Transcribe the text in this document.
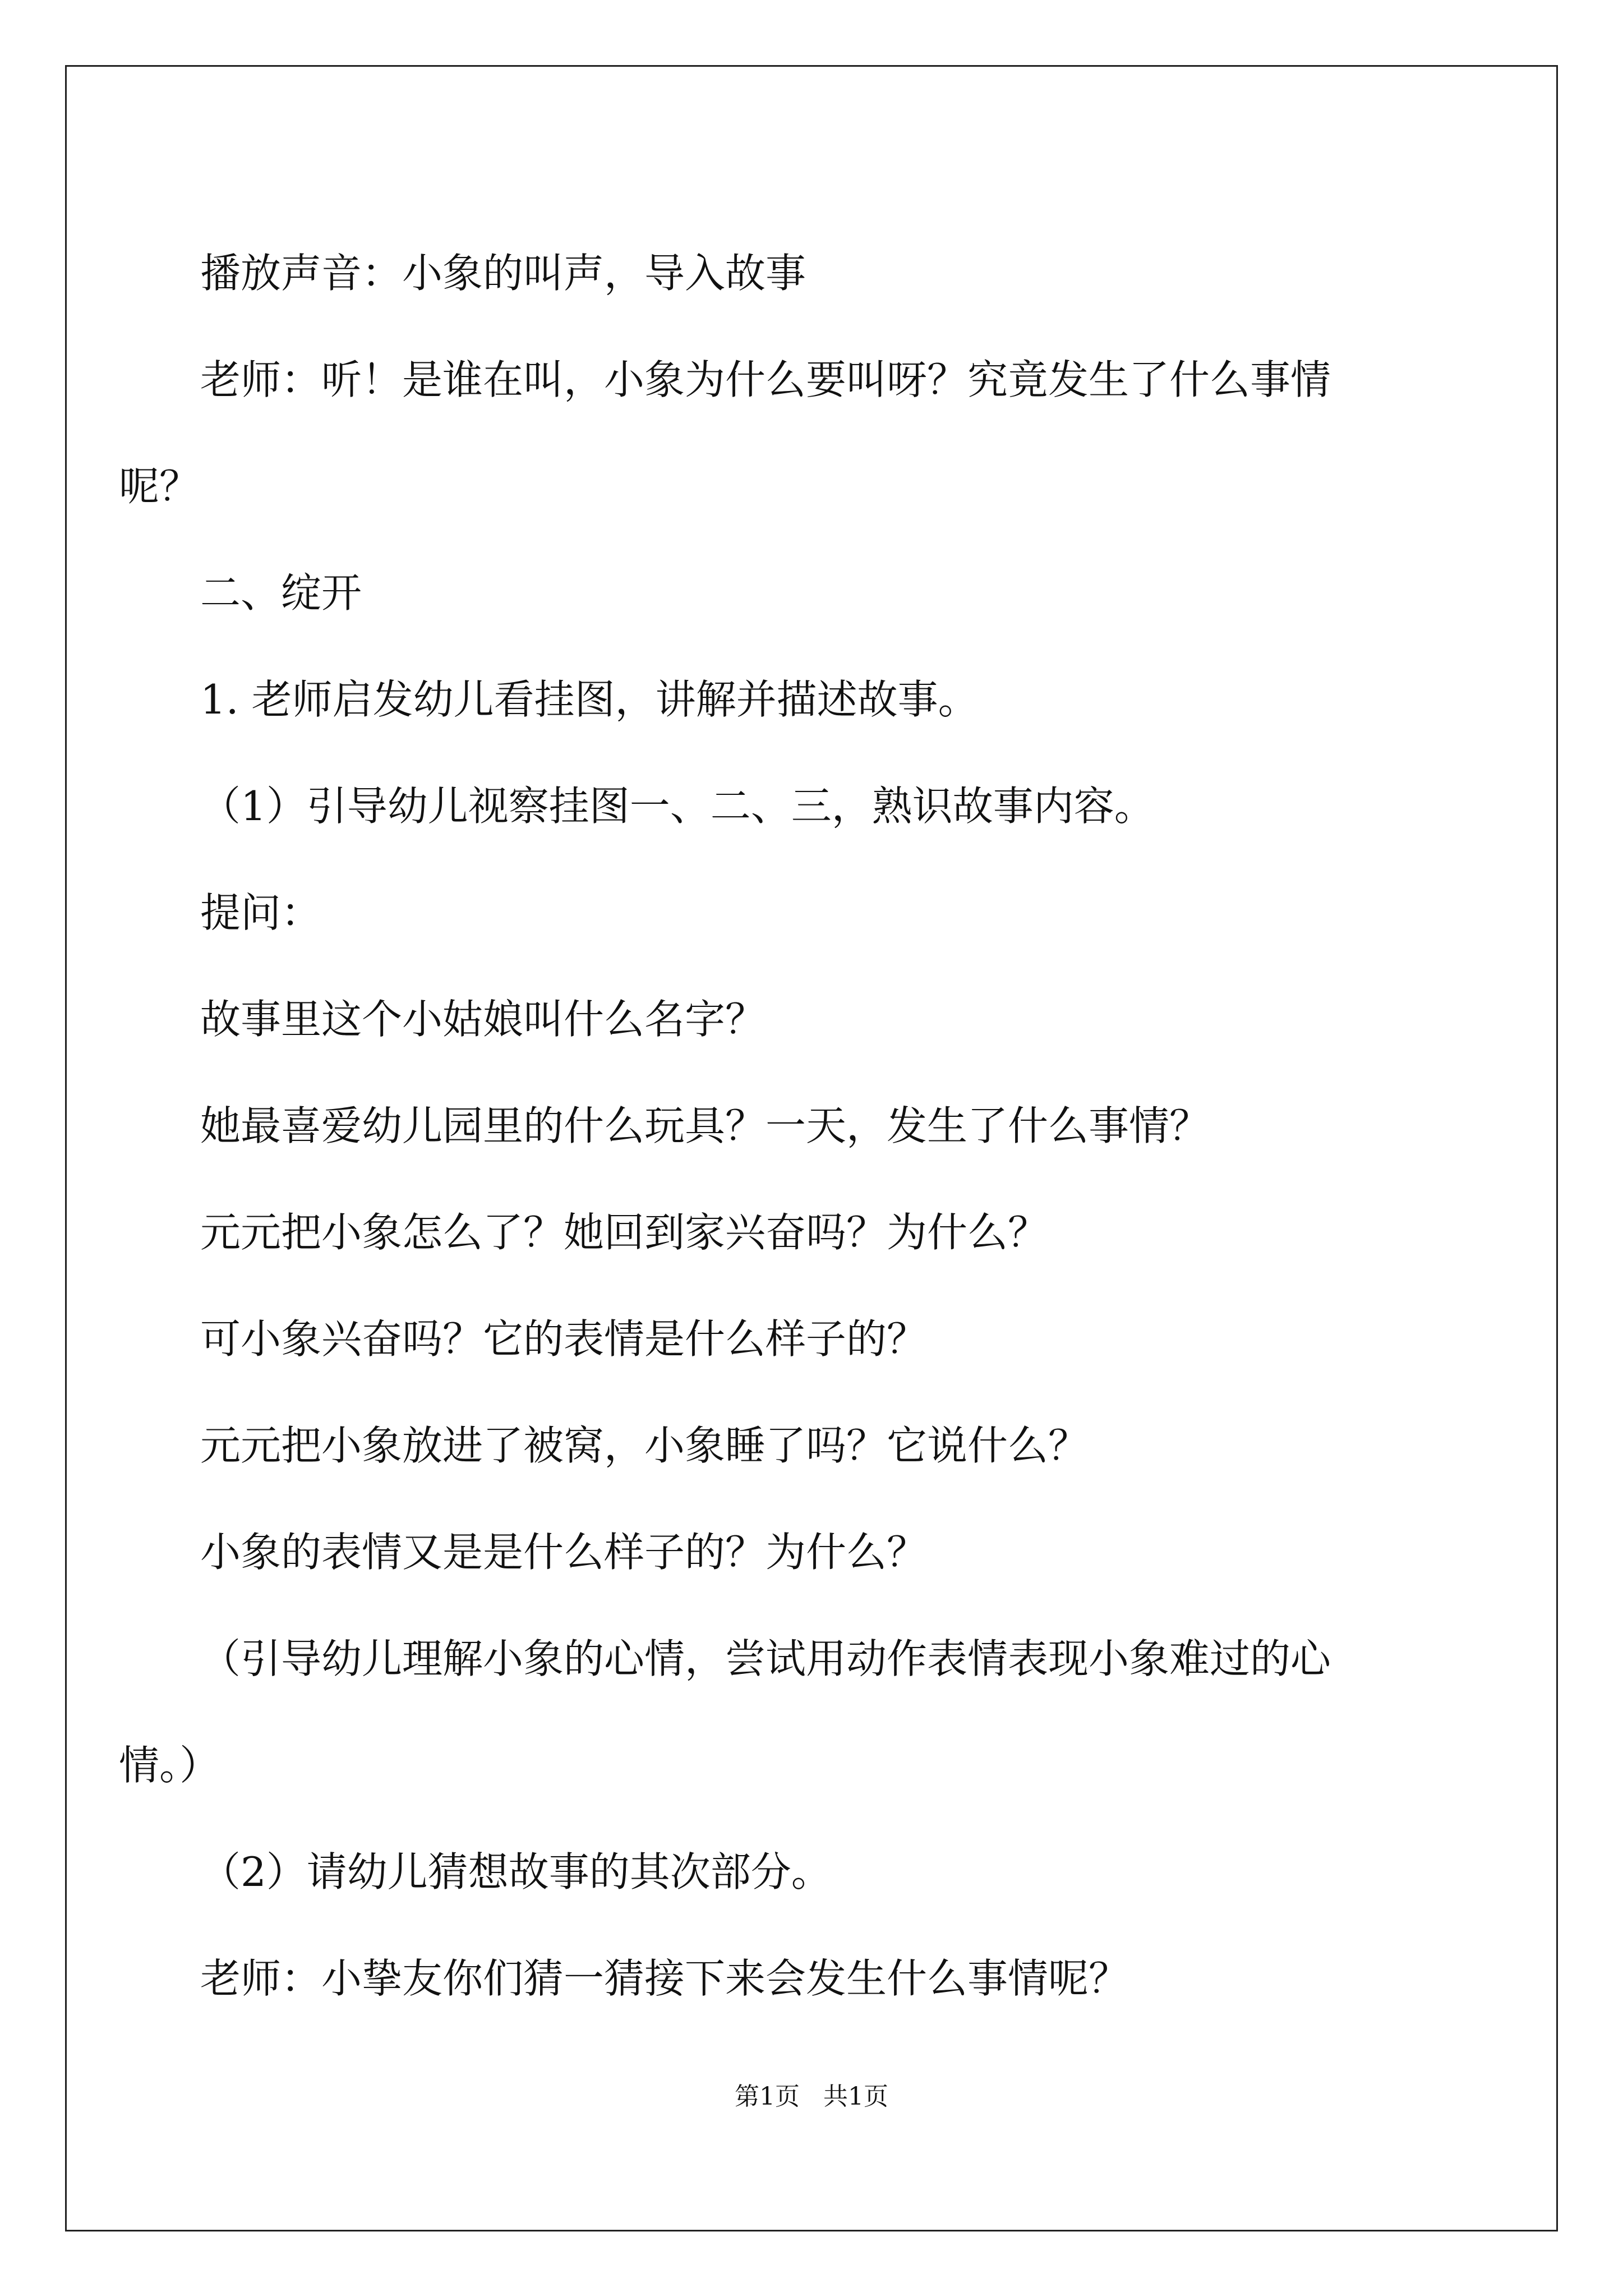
播放声音：小象的叫声，导入故事

老师：听！是谁在叫，小象为什么要叫呀？究竟发生了什么事情

呢？

二、绽开

1. 老师启发幼儿看挂图，讲解并描述故事。

（1）引导幼儿视察挂图一、二、三，熟识故事内容。

提问：

故事里这个小姑娘叫什么名字？

她最喜爱幼儿园里的什么玩具？一天，发生了什么事情？

元元把小象怎么了？她回到家兴奋吗？为什么？

可小象兴奋吗？它的表情是什么样子的？

元元把小象放进了被窝，小象睡了吗？它说什么？

小象的表情又是是什么样子的？为什么？

（引导幼儿理解小象的心情，尝试用动作表情表现小象难过的心

情。）

（2）请幼儿猜想故事的其次部分。

老师：小挚友你们猜一猜接下来会发生什么事情呢？

第1页   共1页
